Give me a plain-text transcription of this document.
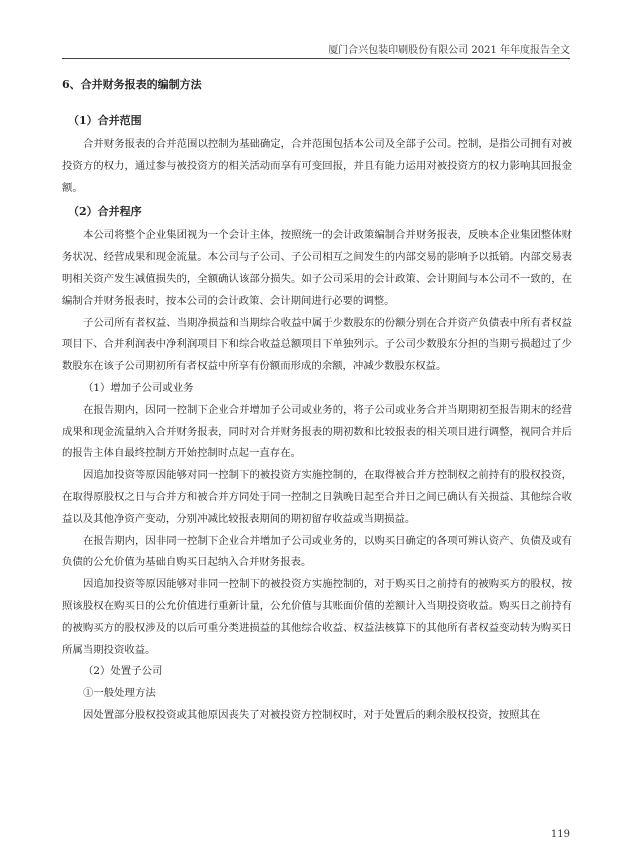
厦门合兴包装印刷股份有限公司 2021 年年度报告全文
6、合并财务报表的编制方法
（1）合并范围

合并财务报表的合并范围以控制为基础确定，合并范围包括本公司及全部子公司。控制，是指公司拥有对被投资方的权力，通过参与被投资方的相关活动而享有可变回报，并且有能力运用对被投资方的权力影响其回报金额。

（2）合并程序

本公司将整个企业集团视为一个会计主体，按照统一的会计政策编制合并财务报表，反映本企业集团整体财务状况、经营成果和现金流量。本公司与子公司、子公司相互之间发生的内部交易的影响予以抵销。内部交易表明相关资产发生减值损失的，全额确认该部分损失。如子公司采用的会计政策、会计期间与本公司不一致的，在编制合并财务报表时，按本公司的会计政策、会计期间进行必要的调整。

子公司所有者权益、当期净损益和当期综合收益中属于少数股东的份额分别在合并资产负债表中所有者权益项目下、合并利润表中净利润项目下和综合收益总额项目下单独列示。子公司少数股东分担的当期亏损超过了少数股东在该子公司期初所有者权益中所享有份额而形成的余额，冲减少数股东权益。

（1）增加子公司或业务

在报告期内，因同一控制下企业合并增加子公司或业务的，将子公司或业务合并当期期初至报告期末的经营成果和现金流量纳入合并财务报表，同时对合并财务报表的期初数和比较报表的相关项目进行调整，视同合并后的报告主体自最终控制方开始控制时点起一直存在。

因追加投资等原因能够对同一控制下的被投资方实施控制的，在取得被合并方控制权之前持有的股权投资，在取得原股权之日与合并方和被合并方同处于同一控制之日孰晚日起至合并日之间已确认有关损益、其他综合收益以及其他净资产变动，分别冲减比较报表期间的期初留存收益或当期损益。

在报告期内，因非同一控制下企业合并增加子公司或业务的，以购买日确定的各项可辨认资产、负债及或有负债的公允价值为基础自购买日起纳入合并财务报表。

因追加投资等原因能够对非同一控制下的被投资方实施控制的，对于购买日之前持有的被购买方的股权，按照该股权在购买日的公允价值进行重新计量，公允价值与其账面价值的差额计入当期投资收益。购买日之前持有的被购买方的股权涉及的以后可重分类进损益的其他综合收益、权益法核算下的其他所有者权益变动转为购买日所属当期投资收益。

（2）处置子公司

①一般处理方法

因处置部分股权投资或其他原因丧失了对被投资方控制权时，对于处置后的剩余股权投资，按照其在

119
